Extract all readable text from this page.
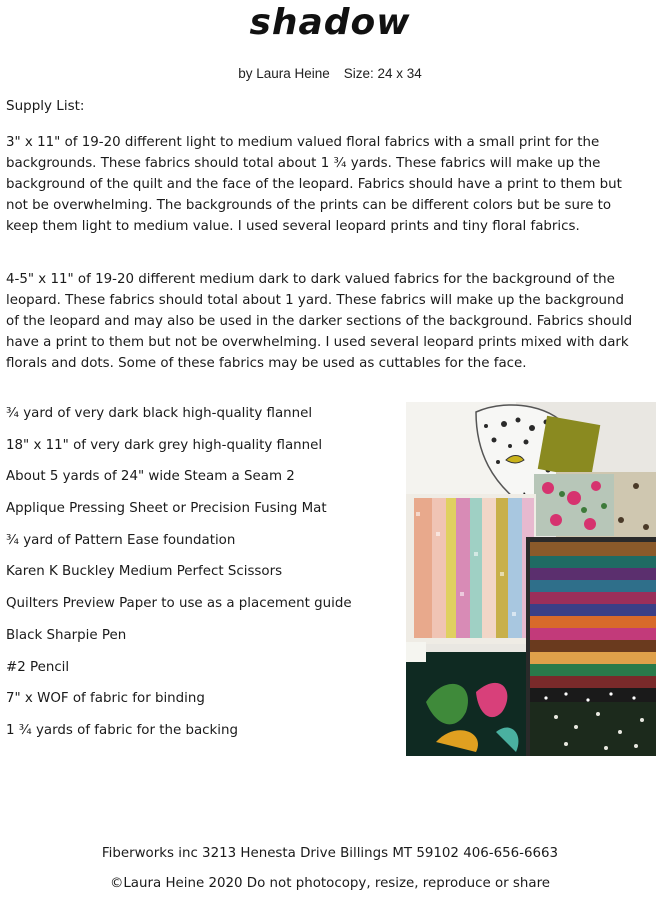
shadow
by Laura Heine Size: 24 x 34
Supply List:

3" x 11" of 19-20 different light to medium valued floral fabrics with a small print for the backgrounds. These fabrics should total about 1 ¾ yards. These fabrics will make up the background of the quilt and the face of the leopard. Fabrics should have a print to them but not be overwhelming. The backgrounds of the prints can be different colors but be sure to keep them light to medium value. I used several leopard prints and tiny floral fabrics.

4-5" x 11" of 19-20 different medium dark to dark valued fabrics for the background of the leopard. These fabrics should total about 1 yard. These fabrics will make up the background of the leopard and may also be used in the darker sections of the background. Fabrics should have a print to them but not be overwhelming. I used several leopard prints mixed with dark florals and dots. Some of these fabrics may be used as cuttables for the face.

¾ yard of very dark black high-quality flannel
18" x 11" of very dark grey high-quality flannel
About 5 yards of 24" wide Steam a Seam 2
Applique Pressing Sheet or Precision Fusing Mat
¾ yard of Pattern Ease foundation
Karen K Buckley Medium Perfect Scissors
Quilters Preview Paper to use as a placement guide
Black Sharpie Pen
#2 Pencil
7" x WOF of fabric for binding
1 ¾ yards of fabric for the backing
Fiberworks inc 3213 Henesta Drive Billings MT 59102 406-656-6663
©Laura Heine 2020 Do not photocopy, resize, reproduce or share
